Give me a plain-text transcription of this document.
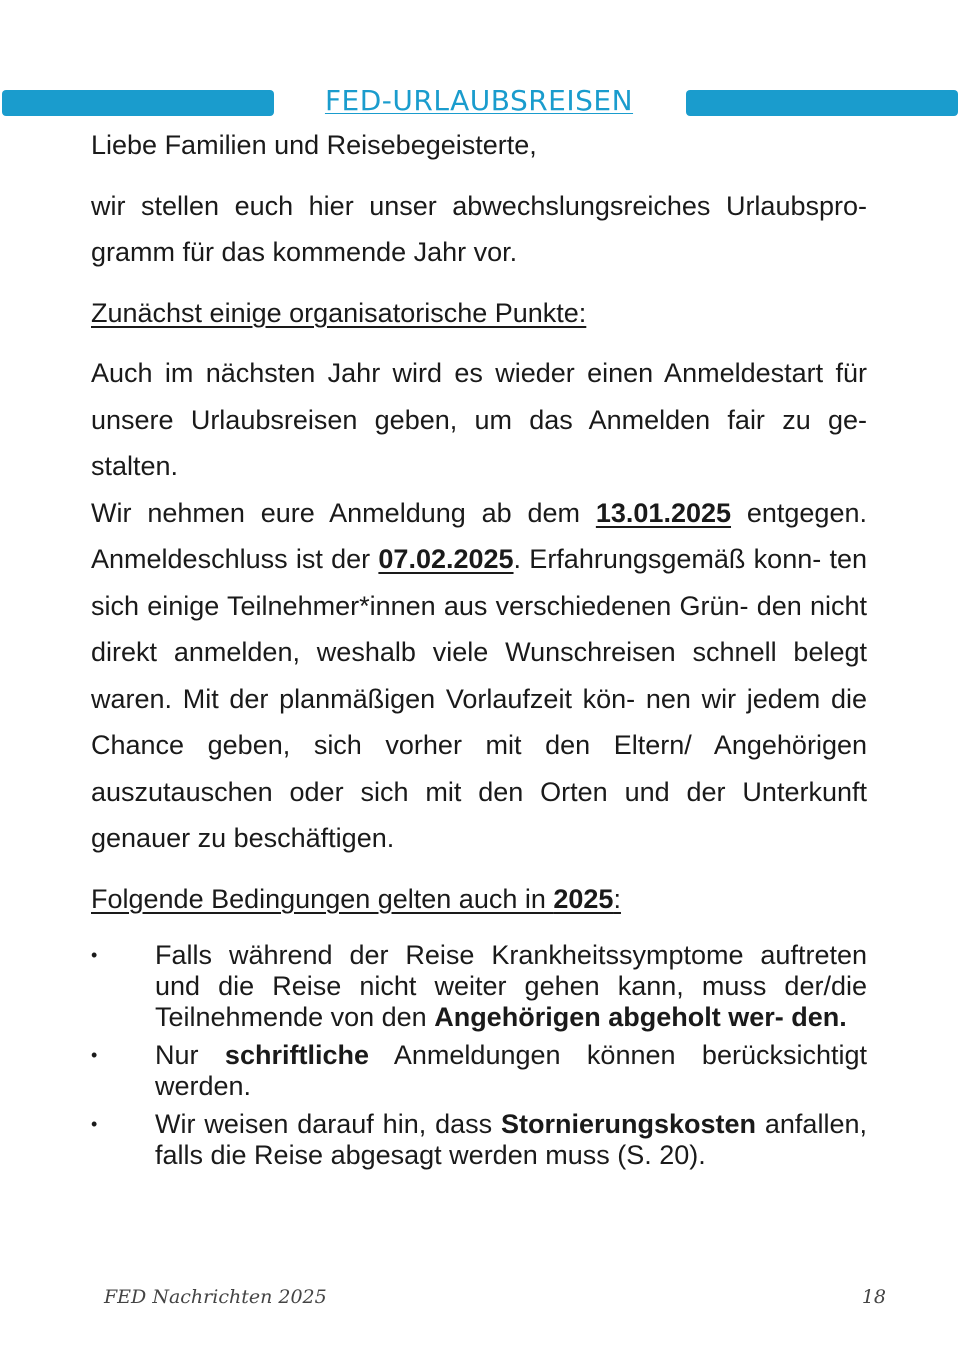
FED-URLAUBSREISEN

Liebe Familien und Reisebegeisterte,

wir stellen euch hier unser abwechslungsreiches Urlaubspro- gramm für das kommende Jahr vor.

Zunächst einige organisatorische Punkte:

Auch im nächsten Jahr wird es wieder einen Anmeldestart für unsere Urlaubsreisen geben, um das Anmelden fair zu ge- stalten.

Wir nehmen eure Anmeldung ab dem 13.01.2025 entgegen. Anmeldeschluss ist der 07.02.2025. Erfahrungsgemäß konn- ten sich einige Teilnehmer*innen aus verschiedenen Grün- den nicht direkt anmelden, weshalb viele Wunschreisen schnell belegt waren. Mit der planmäßigen Vorlaufzeit kön- nen wir jedem die Chance geben, sich vorher mit den Eltern/ Angehörigen auszutauschen oder sich mit den Orten und der Unterkunft genauer zu beschäftigen.

Folgende Bedingungen gelten auch in 2025:

• Falls während der Reise Krankheitssymptome auftreten und die Reise nicht weiter gehen kann, muss der/die Teilnehmende von den Angehörigen abgeholt wer- den.
• Nur schriftliche Anmeldungen können berücksichtigt werden.
• Wir weisen darauf hin, dass Stornierungskosten anfallen, falls die Reise abgesagt werden muss (S. 20).
FED Nachrichten 2025	18
